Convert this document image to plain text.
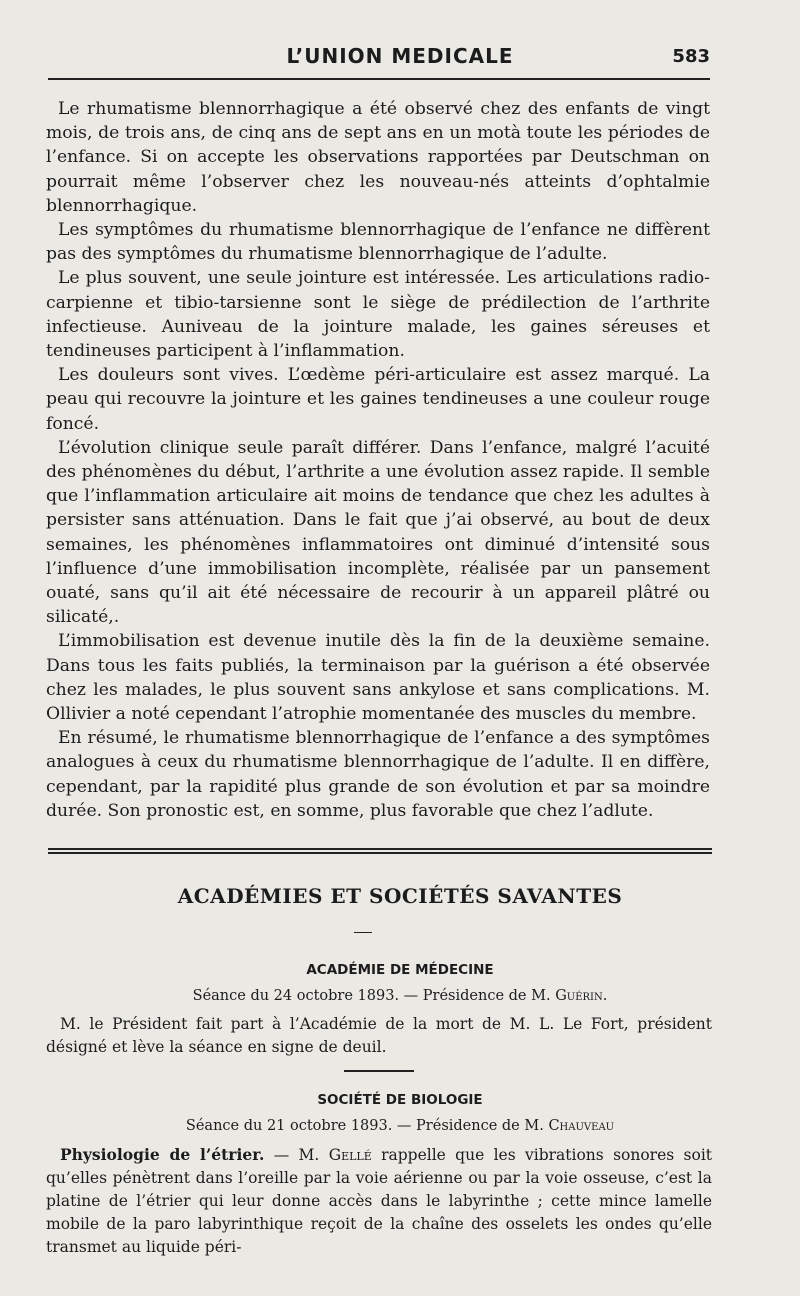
L’UNION MEDICALE	583

Le rhumatisme blennorrhagique a été observé chez des enfants de vingt mois, de trois ans, de cinq ans de sept ans en un motà toute les périodes de l’enfance. Si on accepte les observations rapportées par Deutschman on pourrait même l’observer chez les nouveau-nés atteints d’ophtalmie blennorrhagique.

Les symptômes du rhumatisme blennorrhagique de l’enfance ne diffèrent pas des symptômes du rhumatisme blennorrhagique de l’adulte.

Le plus souvent, une seule jointure est intéressée. Les articulations radio-carpienne et tibio-tarsienne sont le siège de prédilection de l’arthrite infectieuse. Auniveau de la jointure malade, les gaines séreuses et tendineuses participent à l’inflammation.

Les douleurs sont vives. L’œdème péri-articulaire est assez marqué. La peau qui recouvre la jointure et les gaines tendineuses a une couleur rouge foncé.

L’évolution clinique seule paraît différer. Dans l’enfance, malgré l’acuité des phénomènes du début, l’arthrite a une évolution assez rapide. Il semble que l’inflammation articulaire ait moins de tendance que chez les adultes à persister sans atténuation. Dans le fait que j’ai observé, au bout de deux semaines, les phénomènes inflammatoires ont diminué d’intensité sous l’influence d’une immobilisation incomplète, réalisée par un pansement ouaté, sans qu’il ait été nécessaire de recourir à un appareil plâtré ou silicaté,.

L’immobilisation est devenue inutile dès la fin de la deuxième semaine. Dans tous les faits publiés, la terminaison par la guérison a été observée chez les malades, le plus souvent sans ankylose et sans complications. M. Ollivier a noté cependant l’atrophie momentanée des muscles du membre.

En résumé, le rhumatisme blennorrhagique de l’enfance a des symptômes analogues à ceux du rhumatisme blennorrhagique de l’adulte. Il en diffère, cependant, par la rapidité plus grande de son évolution et par sa moindre durée. Son pronostic est, en somme, plus favorable que chez l’adlute.

ACADÉMIES ET SOCIÉTÉS SAVANTES
ACADÉMIE DE MÉDECINE
Séance du 24 octobre 1893. — Présidence de M. Guérin.

M. le Président fait part à l’Académie de la mort de M. L. Le Fort, président désigné et lève la séance en signe de deuil.

SOCIÉTÉ DE BIOLOGIE
Séance du 21 octobre 1893. — Présidence de M. Chauveau

Physiologie de l’étrier. — M. Gellé rappelle que les vibrations sonores soit qu’elles pénètrent dans l’oreille par la voie aérienne ou par la voie osseuse, c’est la platine de l’étrier qui leur donne accès dans le labyrinthe ; cette mince lamelle mobile de la paro labyrinthique reçoit de la chaîne des osselets les ondes qu’elle transmet au liquide péri-
